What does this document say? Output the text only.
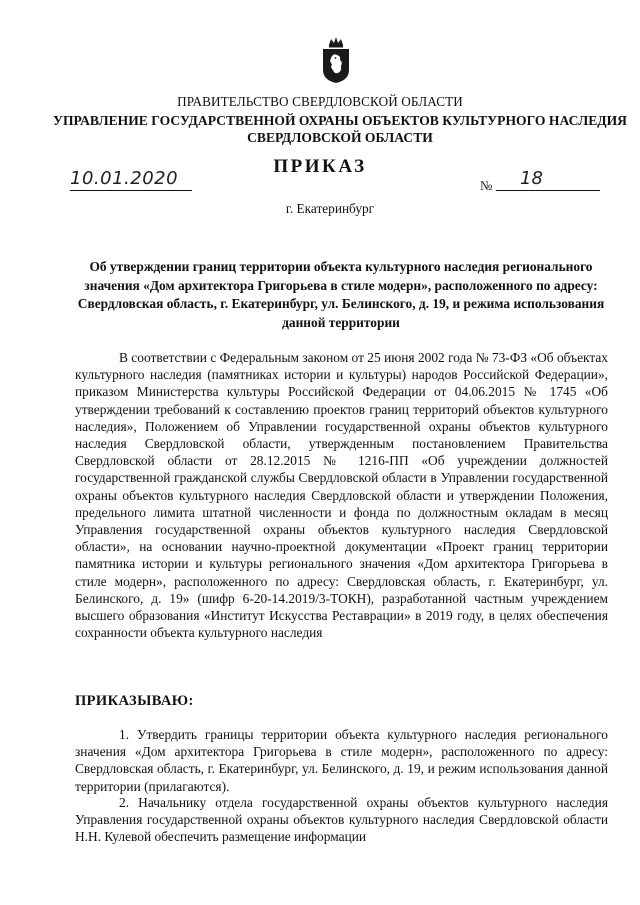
ПРАВИТЕЛЬСТВО СВЕРДЛОВСКОЙ ОБЛАСТИ
УПРАВЛЕНИЕ ГОСУДАРСТВЕННОЙ ОХРАНЫ ОБЪЕКТОВ КУЛЬТУРНОГО НАСЛЕДИЯ СВЕРДЛОВСКОЙ ОБЛАСТИ
ПРИКАЗ
10.01.2020	№ 18
г. Екатеринбург
Об утверждении границ территории объекта культурного наследия регионального значения «Дом архитектора Григорьева в стиле модерн», расположенного по адресу: Свердловская область, г. Екатеринбург, ул. Белинского, д. 19, и режима использования данной территории
В соответствии с Федеральным законом от 25 июня 2002 года № 73-ФЗ «Об объектах культурного наследия (памятниках истории и культуры) народов Российской Федерации», приказом Министерства культуры Российской Федерации от 04.06.2015 № 1745 «Об утверждении требований к составлению проектов границ территорий объектов культурного наследия», Положением об Управлении государственной охраны объектов культурного наследия Свердловской области, утвержденным постановлением Правительства Свердловской области от 28.12.2015 № 1216-ПП «Об учреждении должностей государственной гражданской службы Свердловской области в Управлении государственной охраны объектов культурного наследия Свердловской области и утверждении Положения, предельного лимита штатной численности и фонда по должностным окладам в месяц Управления государственной охраны объектов культурного наследия Свердловской области», на основании научно-проектной документации «Проект границ территории памятника истории и культуры регионального значения «Дом архитектора Григорьева в стиле модерн», расположенного по адресу: Свердловская область, г. Екатеринбург, ул. Белинского, д. 19» (шифр 6-20-14.2019/3-ТОКН), разработанной частным учреждением высшего образования «Институт Искусства Реставрации» в 2019 году, в целях обеспечения сохранности объекта культурного наследия
ПРИКАЗЫВАЮ:
1. Утвердить границы территории объекта культурного наследия регионального значения «Дом архитектора Григорьева в стиле модерн», расположенного по адресу: Свердловская область, г. Екатеринбург, ул. Белинского, д. 19, и режим использования данной территории (прилагаются).
2. Начальнику отдела государственной охраны объектов культурного наследия Управления государственной охраны объектов культурного наследия Свердловской области Н.Н. Кулевой обеспечить размещение информации
